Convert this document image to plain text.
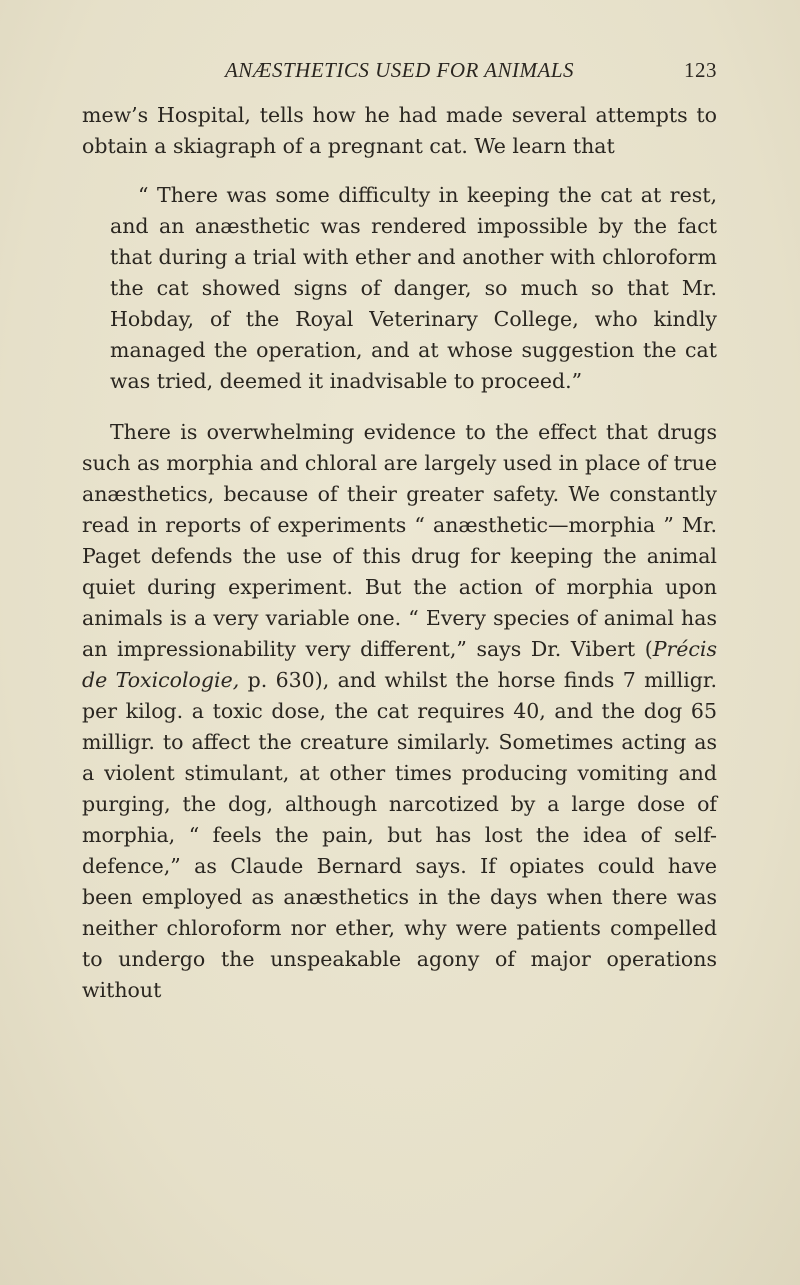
ANÆSTHETICS USED FOR ANIMALS	123

mew’s Hospital, tells how he had made several attempts to obtain a skiagraph of a pregnant cat. We learn that

“ There was some difficulty in keeping the cat at rest, and an anæsthetic was rendered impossible by the fact that during a trial with ether and another with chloroform the cat showed signs of danger, so much so that Mr. Hobday, of the Royal Veterinary College, who kindly managed the operation, and at whose suggestion the cat was tried, deemed it inadvisable to proceed.”

There is overwhelming evidence to the effect that drugs such as morphia and chloral are largely used in place of true anæsthetics, because of their greater safety. We constantly read in reports of experiments “ anæsthetic—morphia ” Mr. Paget defends the use of this drug for keeping the animal quiet during experiment. But the action of morphia upon animals is a very variable one. “ Every species of animal has an impressionability very different,” says Dr. Vibert (Précis de Toxicologie, p. 630), and whilst the horse finds 7 milligr. per kilog. a toxic dose, the cat requires 40, and the dog 65 milligr. to affect the creature similarly. Sometimes acting as a violent stimulant, at other times producing vomiting and purging, the dog, although narcotized by a large dose of morphia, “ feels the pain, but has lost the idea of self-defence,” as Claude Bernard says. If opiates could have been employed as anæsthetics in the days when there was neither chloroform nor ether, why were patients compelled to undergo the unspeakable agony of major operations without
